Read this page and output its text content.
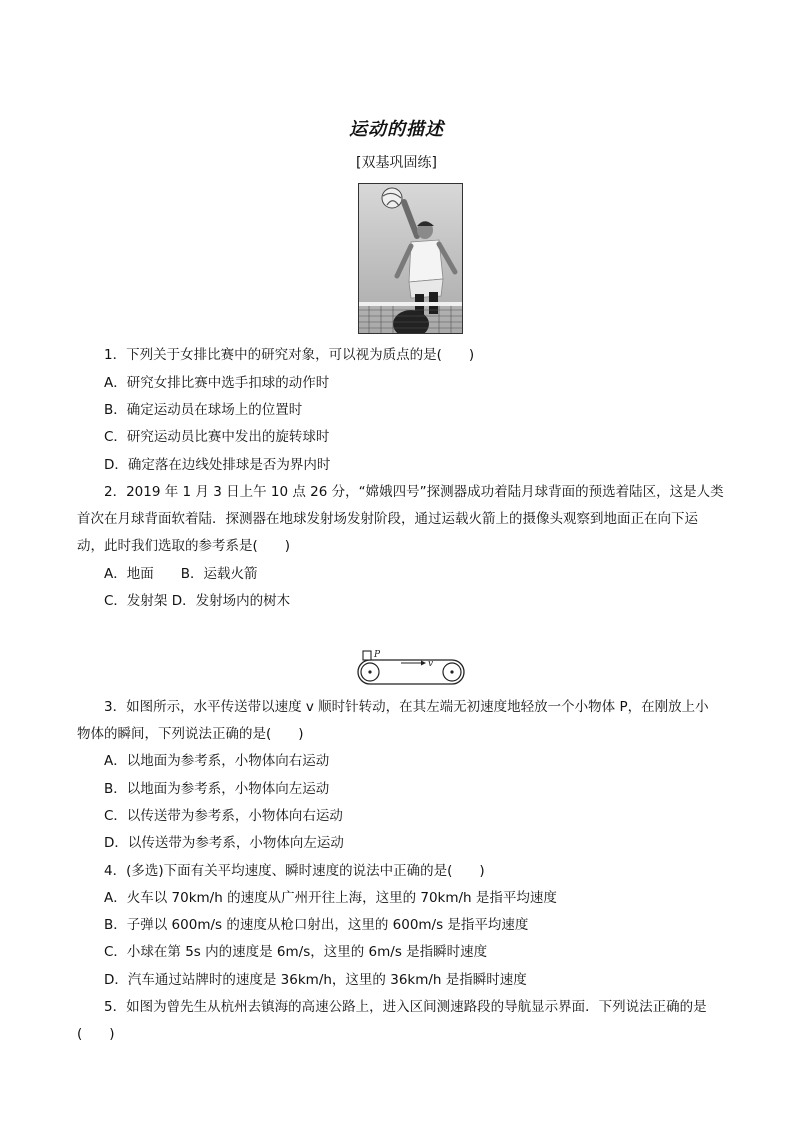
运动的描述
[双基巩固练]
1．下列关于女排比赛中的研究对象，可以视为质点的是(　　)
A．研究女排比赛中选手扣球的动作时
B．确定运动员在球场上的位置时
C．研究运动员比赛中发出的旋转球时
D．确定落在边线处排球是否为界内时
2．2019 年 1 月 3 日上午 10 点 26 分，“嫦娥四号”探测器成功着陆月球背面的预选着陆区，这是人类
首次在月球背面软着陆．探测器在地球发射场发射阶段，通过运载火箭上的摄像头观察到地面正在向下运
动，此时我们选取的参考系是(　　)
A．地面　　B．运载火箭
C．发射架 D．发射场内的树木
P
v
3．如图所示，水平传送带以速度 v 顺时针转动，在其左端无初速度地轻放一个小物体 P，在刚放上小
物体的瞬间，下列说法正确的是(　　)
A．以地面为参考系，小物体向右运动
B．以地面为参考系，小物体向左运动
C．以传送带为参考系，小物体向右运动
D．以传送带为参考系，小物体向左运动
4．(多选)下面有关平均速度、瞬时速度的说法中正确的是(　　)
A．火车以 70km/h 的速度从广州开往上海，这里的 70km/h 是指平均速度
B．子弹以 600m/s 的速度从枪口射出，这里的 600m/s 是指平均速度
C．小球在第 5s 内的速度是 6m/s，这里的 6m/s 是指瞬时速度
D．汽车通过站牌时的速度是 36km/h，这里的 36km/h 是指瞬时速度
5．如图为曾先生从杭州去镇海的高速公路上，进入区间测速路段的导航显示界面．下列说法正确的是
(　　)
